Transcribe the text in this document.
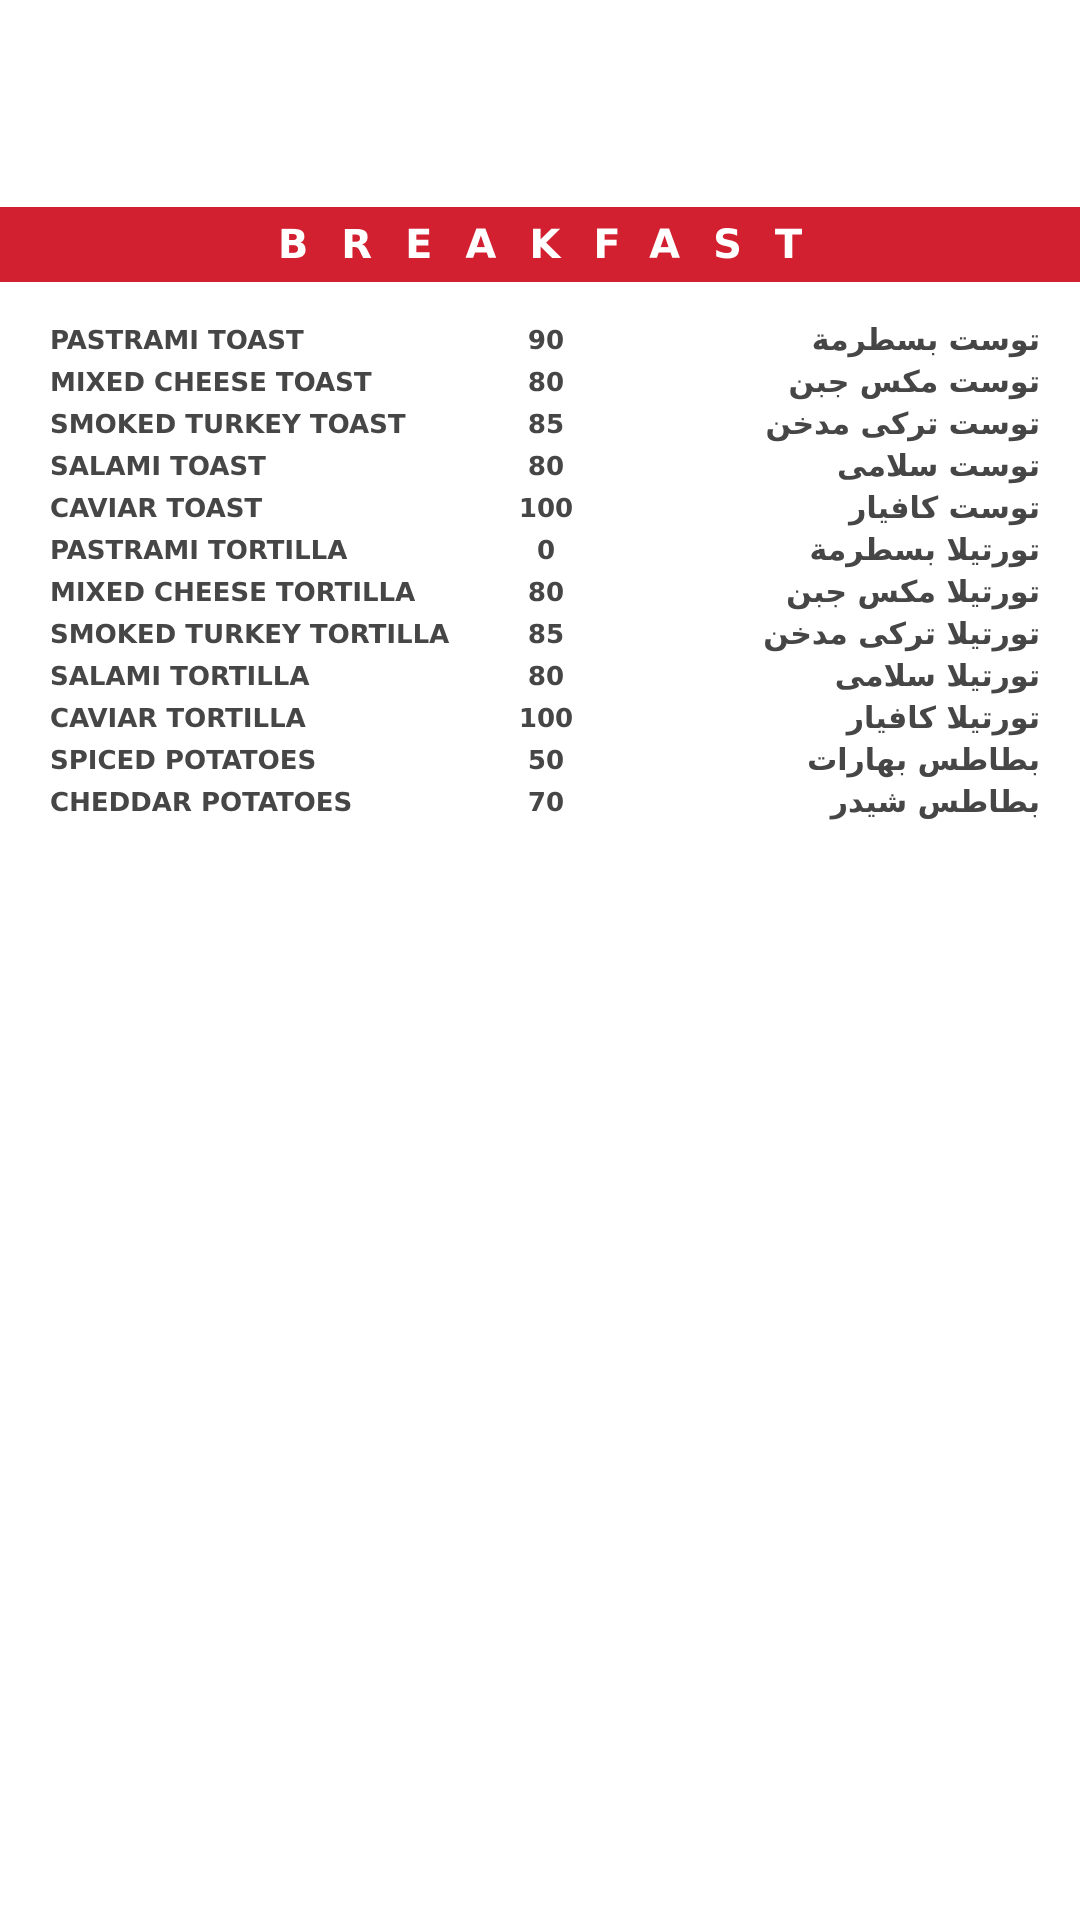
BREAKFAST
PASTRAMI TOAST	90	توست بسطرمة
MIXED CHEESE TOAST	80	توست مكس جبن
SMOKED TURKEY TOAST	85	توست تركى مدخن
SALAMI TOAST	80	توست سلامى
CAVIAR TOAST	100	توست كافيار
PASTRAMI TORTILLA	0	تورتيلا بسطرمة
MIXED CHEESE TORTILLA	80	تورتيلا مكس جبن
SMOKED TURKEY TORTILLA	85	تورتيلا تركى مدخن
SALAMI TORTILLA	80	تورتيلا سلامى
CAVIAR TORTILLA	100	تورتيلا كافيار
SPICED POTATOES	50	بطاطس بهارات
CHEDDAR POTATOES	70	بطاطس شيدر
